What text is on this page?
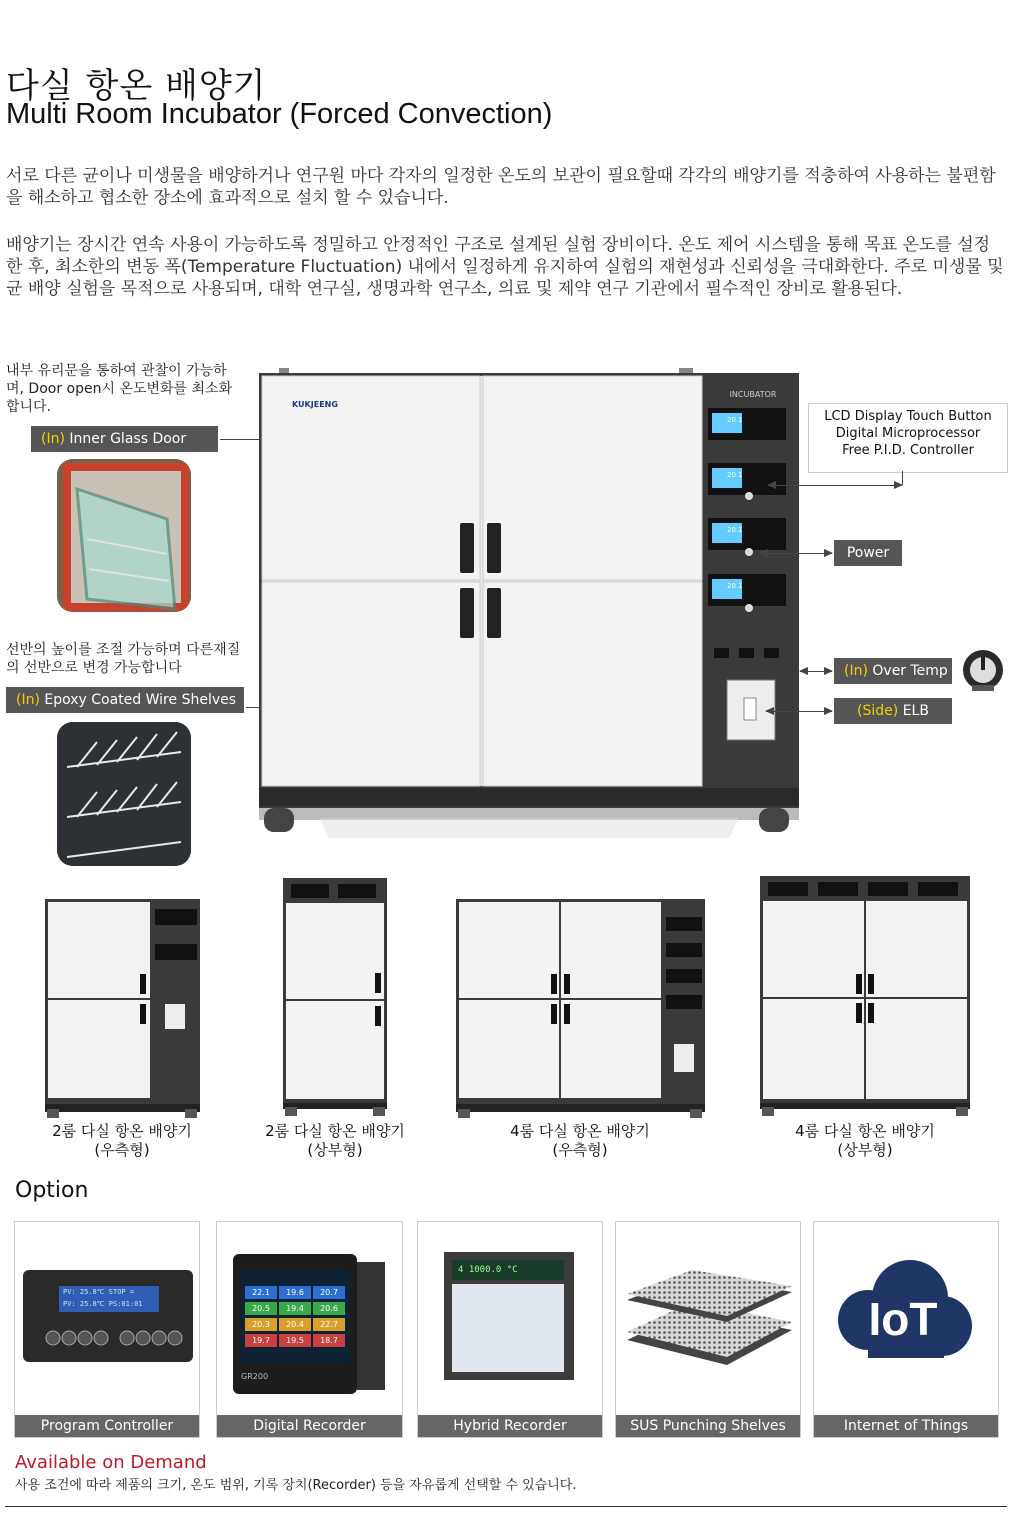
다실 항온 배양기
Multi Room Incubator (Forced Convection)
서로 다른 균이나 미생물을 배양하거나 연구원 마다 각자의 일정한 온도의 보관이 필요할때 각각의 배양기를 적충하여 사용하는 불편함을 해소하고 협소한 장소에 효과적으로 설치 할 수 있습니다.
배양기는 장시간 연속 사용이 가능하도록 정밀하고 안정적인 구조로 설계된 실험 장비이다. 온도 제어 시스템을 통해 목표 온도를 설정한 후, 최소한의 변동 폭(Temperature Fluctuation) 내에서 일정하게 유지하여 실험의 재현성과 신뢰성을 극대화한다. 주로 미생물 및 균 배양 실험을 목적으로 사용되며, 대학 연구실, 생명과학 연구소, 의료 및 제약 연구 기관에서 필수적인 장비로 활용된다.
내부 유리문을 통하여 관찰이 가능하며, Door open시 온도변화를 최소화 합니다.
(In) Inner Glass Door
선반의 높이를 조절 가능하며 다른재질의 선반으로 변경 가능합니다
(In) Epoxy Coated Wire Shelves
KUKJEENG
INCUBATOR
20.1
20.1
20.1
20.1
LCD Display Touch Button
Digital Microprocessor
Free P.I.D. Controller
Power
(In) Over Temp
(Side) ELB
2룸 다실 항온 배양기
(우측형)
2룸 다실 항온 배양기
(상부형)
4룸 다실 항온 배양기
(우측형)
4룸 다실 항온 배양기
(상부형)
Option
PV: 25.8℃ STOP =
PV: 25.8℃ PS:01:01
Program Controller
22.1	19.6	20.7
20.5	19.4	20.6
20.3	20.4	22.7
19.7	19.5	18.7
GR200
Digital Recorder
4 1000.0 °C
Hybrid Recorder	SUS Punching Shelves
IoT
Internet of Things
Available on Demand
사용 조건에 따라 제품의 크기, 온도 범위, 기록 장치(Recorder) 등을 자유롭게 선택할 수 있습니다.
